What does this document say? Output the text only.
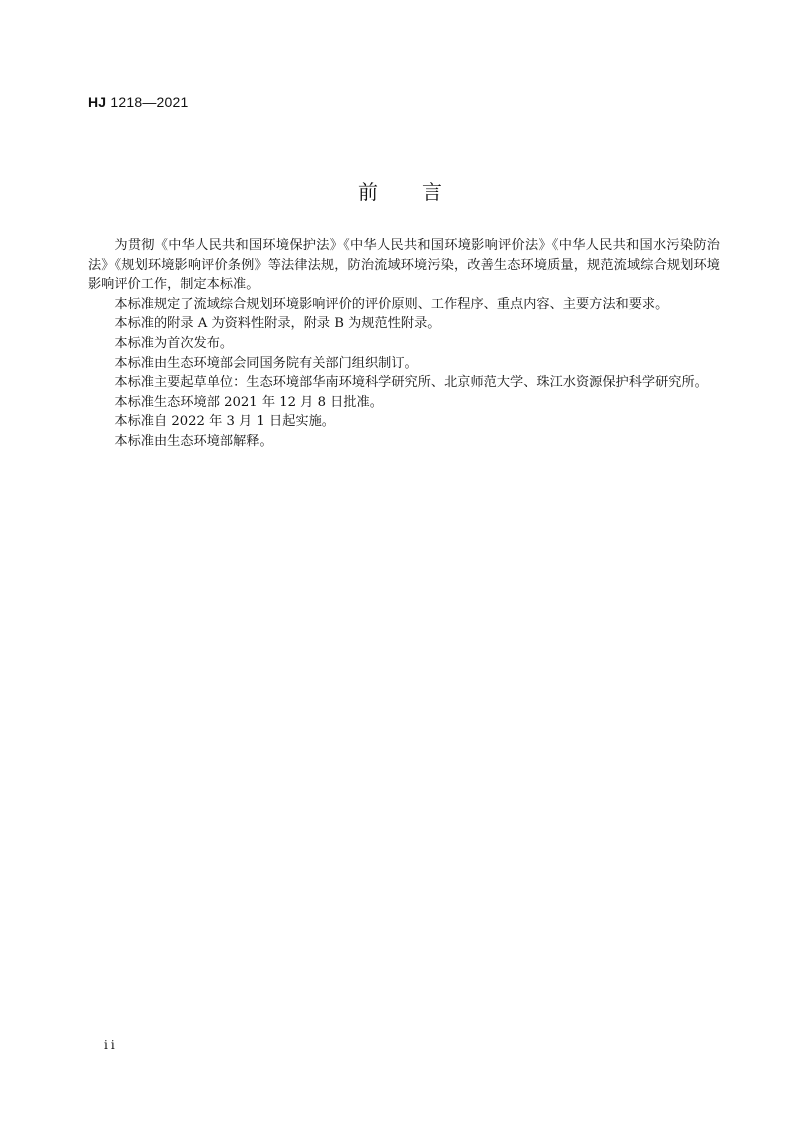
HJ 1218—2021
前 言

为贯彻《中华人民共和国环境保护法》《中华人民共和国环境影响评价法》《中华人民共和国水污染防治法》《规划环境影响评价条例》等法律法规，防治流域环境污染，改善生态环境质量，规范流域综合规划环境影响评价工作，制定本标准。

本标准规定了流域综合规划环境影响评价的评价原则、工作程序、重点内容、主要方法和要求。

本标准的附录 A 为资料性附录，附录 B 为规范性附录。

本标准为首次发布。

本标准由生态环境部会同国务院有关部门组织制订。

本标准主要起草单位：生态环境部华南环境科学研究所、北京师范大学、珠江水资源保护科学研究所。

本标准生态环境部 2021 年 12 月 8 日批准。

本标准自 2022 年 3 月 1 日起实施。

本标准由生态环境部解释。

ii
